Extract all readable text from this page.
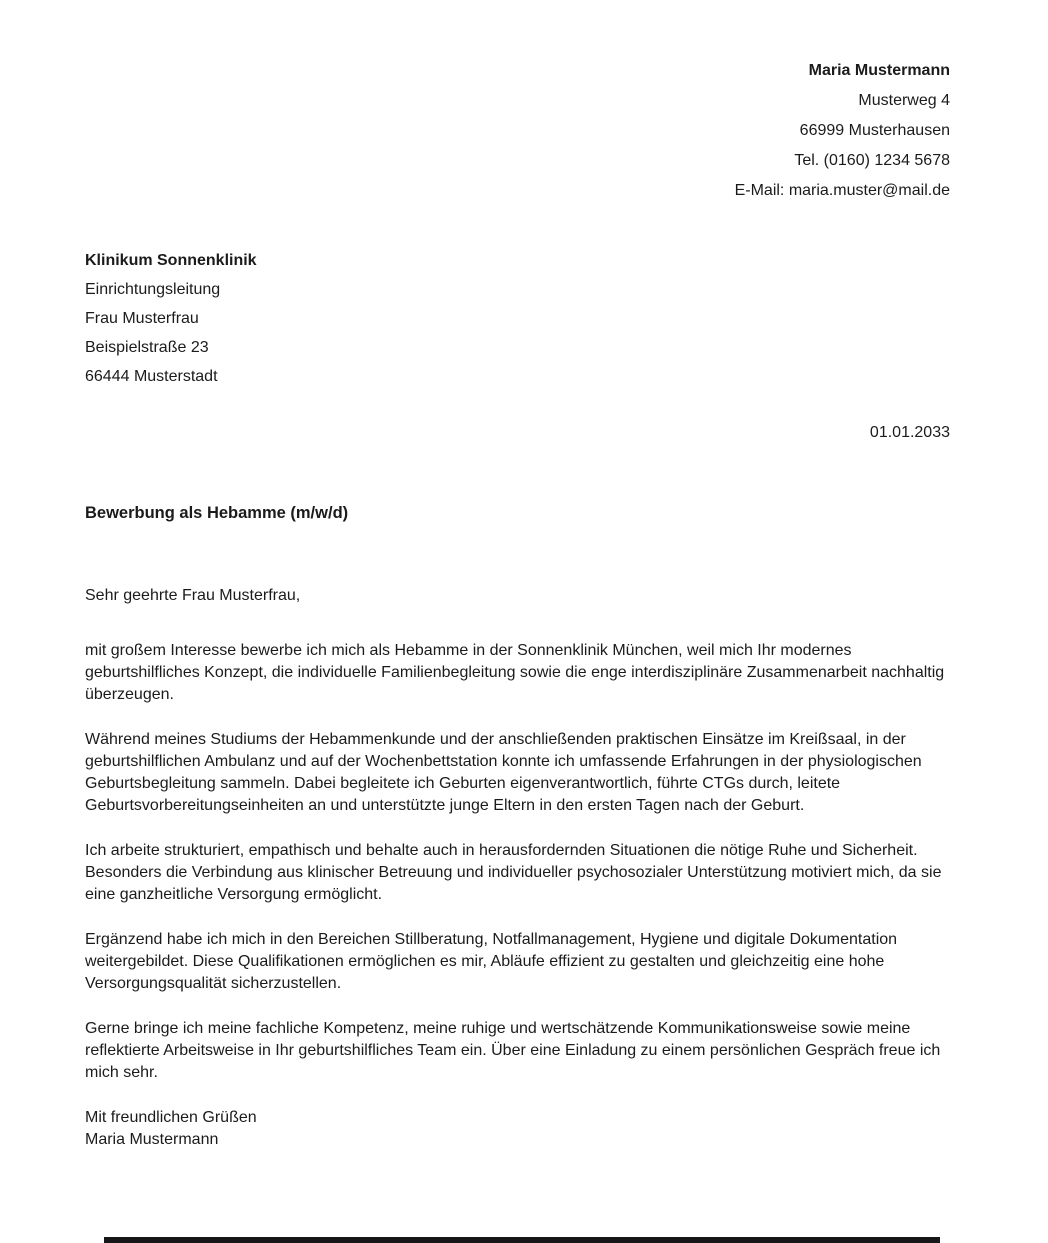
Maria Mustermann
Musterweg 4
66999 Musterhausen
Tel. (0160) 1234 5678
E-Mail: maria.muster@mail.de
Klinikum Sonnenklinik
Einrichtungsleitung
Frau Musterfrau
Beispielstraße 23
66444 Musterstadt
01.01.2033
Bewerbung als Hebamme (m/w/d)

Sehr geehrte Frau Musterfrau,

mit großem Interesse bewerbe ich mich als Hebamme in der Sonnenklinik München, weil mich Ihr modernes geburtshilfliches Konzept, die individuelle Familienbegleitung sowie die enge interdisziplinäre Zusammenarbeit nachhaltig überzeugen.

Während meines Studiums der Hebammenkunde und der anschließenden praktischen Einsätze im Kreißsaal, in der geburtshilflichen Ambulanz und auf der Wochenbettstation konnte ich umfassende Erfahrungen in der physiologischen Geburtsbegleitung sammeln. Dabei begleitete ich Geburten eigenverantwortlich, führte CTGs durch, leitete Geburtsvorbereitungseinheiten an und unterstützte junge Eltern in den ersten Tagen nach der Geburt.

Ich arbeite strukturiert, empathisch und behalte auch in herausfordernden Situationen die nötige Ruhe und Sicherheit. Besonders die Verbindung aus klinischer Betreuung und individueller psychosozialer Unterstützung motiviert mich, da sie eine ganzheitliche Versorgung ermöglicht.

Ergänzend habe ich mich in den Bereichen Stillberatung, Notfallmanagement, Hygiene und digitale Dokumentation weitergebildet. Diese Qualifikationen ermöglichen es mir, Abläufe effizient zu gestalten und gleichzeitig eine hohe Versorgungsqualität sicherzustellen.

Gerne bringe ich meine fachliche Kompetenz, meine ruhige und wertschätzende Kommunikationsweise sowie meine reflektierte Arbeitsweise in Ihr geburtshilfliches Team ein. Über eine Einladung zu einem persönlichen Gespräch freue ich mich sehr.

Mit freundlichen Grüßen

Maria Mustermann
